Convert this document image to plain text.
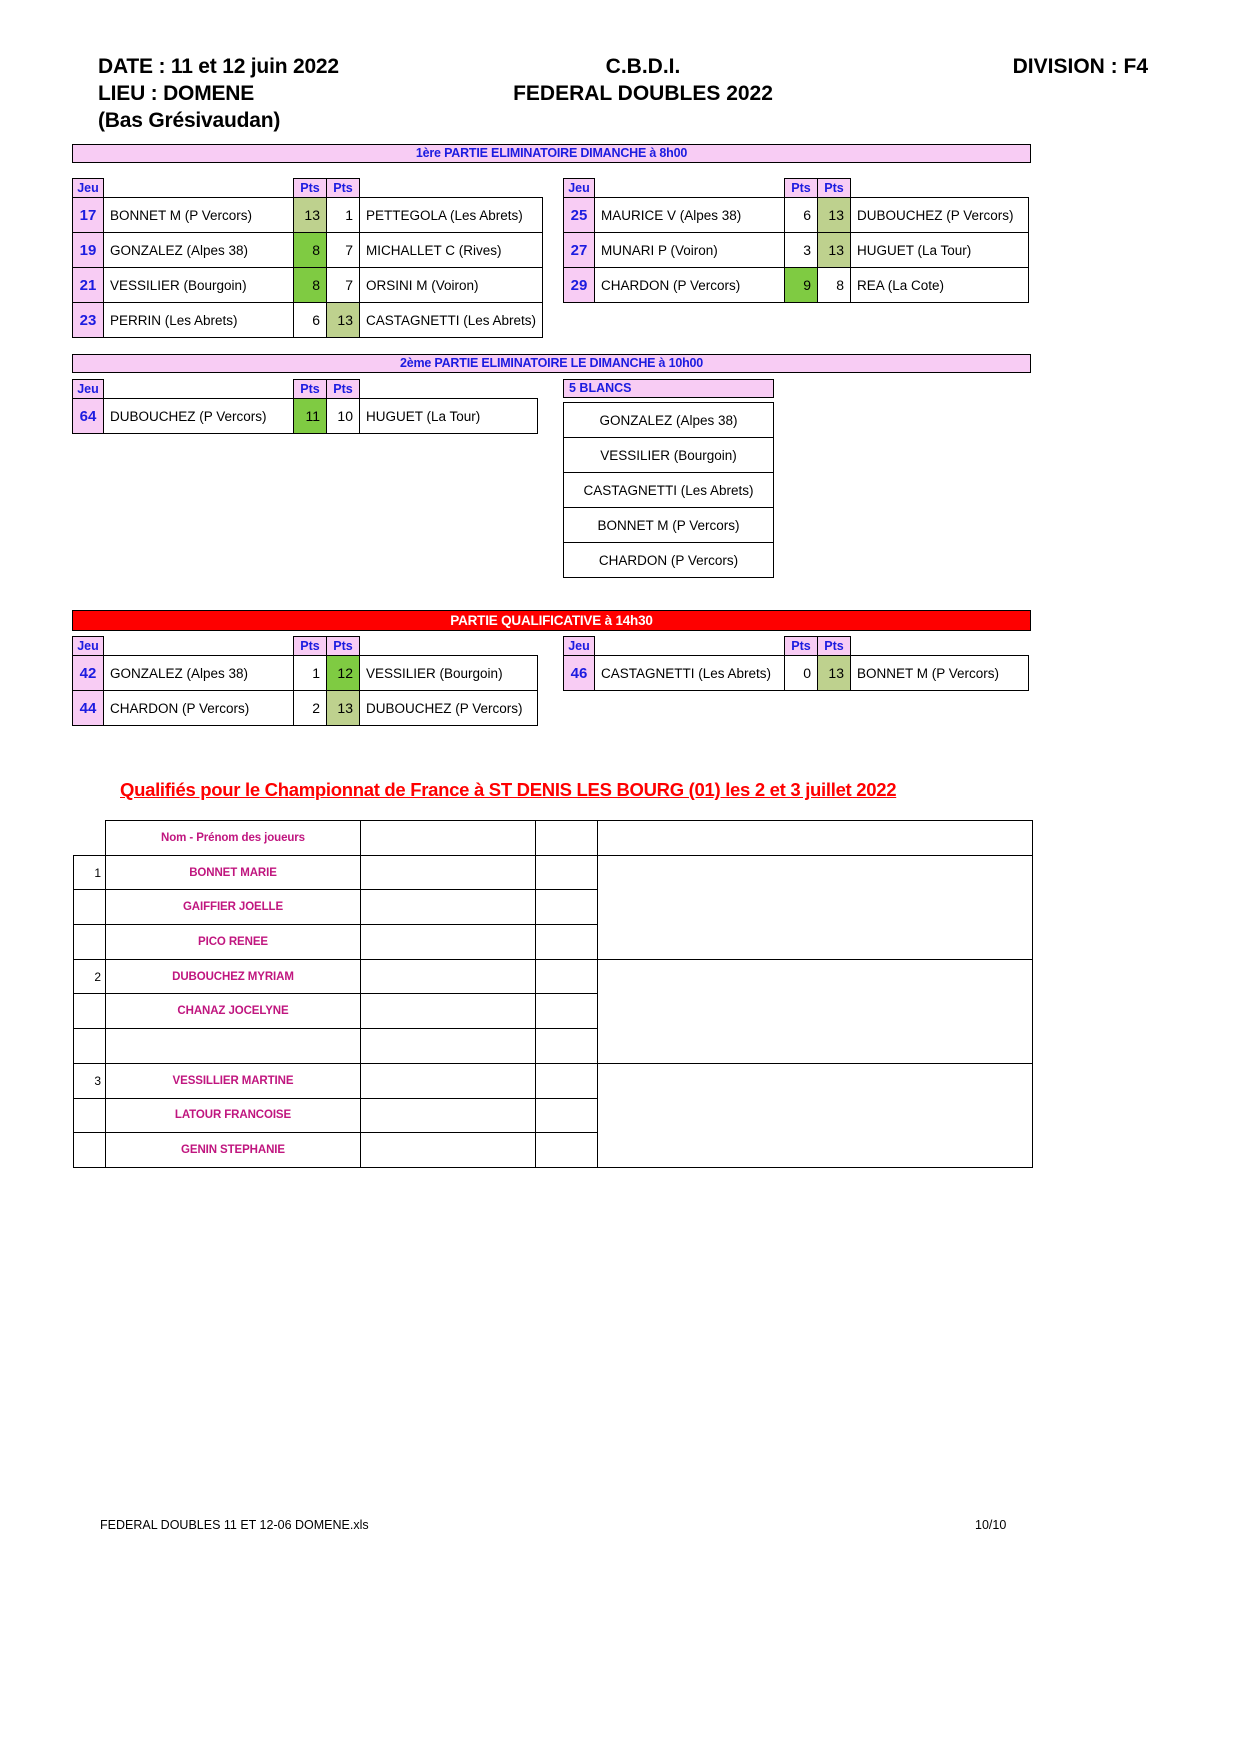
DATE : 11 et 12 juin 2022	C.B.D.I.	DIVISION : F4
LIEU : DOMENE	FEDERAL DOUBLES 2022
(Bas Grésivaudan)
1ère PARTIE ELIMINATOIRE DIMANCHE à 8h00
Jeu		Pts	Pts	
17	BONNET M (P Vercors)	13	1	PETTEGOLA (Les Abrets)
19	GONZALEZ (Alpes 38)	8	7	MICHALLET C (Rives)
21	VESSILIER (Bourgoin)	8	7	ORSINI M (Voiron)
23	PERRIN (Les Abrets)	6	13	CASTAGNETTI (Les Abrets)
Jeu		Pts	Pts	
25	MAURICE V (Alpes 38)	6	13	DUBOUCHEZ (P Vercors)
27	MUNARI P (Voiron)	3	13	HUGUET (La Tour)
29	CHARDON (P Vercors)	9	8	REA (La Cote)
2ème PARTIE ELIMINATOIRE LE DIMANCHE à 10h00
Jeu		Pts	Pts	
64	DUBOUCHEZ (P Vercors)	11	10	HUGUET (La Tour)
5 BLANCS
GONZALEZ (Alpes 38)
VESSILIER (Bourgoin)
CASTAGNETTI (Les Abrets)
BONNET M (P Vercors)
CHARDON (P Vercors)
PARTIE QUALIFICATIVE à 14h30
Jeu		Pts	Pts	
42	GONZALEZ (Alpes 38)	1	12	VESSILIER (Bourgoin)
44	CHARDON (P Vercors)	2	13	DUBOUCHEZ (P Vercors)
Jeu		Pts	Pts	
46	CASTAGNETTI (Les Abrets)	0	13	BONNET M (P Vercors)
Qualifiés pour le Championnat de France à ST DENIS LES BOURG (01) les 2 et 3 juillet 2022
	Nom - Prénom des joueurs			
1	BONNET MARIE			
	GAIFFIER JOELLE			
	PICO RENEE			
2	DUBOUCHEZ MYRIAM			
	CHANAZ JOCELYNE			

3	VESSILLIER MARTINE			
	LATOUR FRANCOISE			
	GENIN STEPHANIE			
FEDERAL DOUBLES 11 ET 12-06 DOMENE.xls	10/10
